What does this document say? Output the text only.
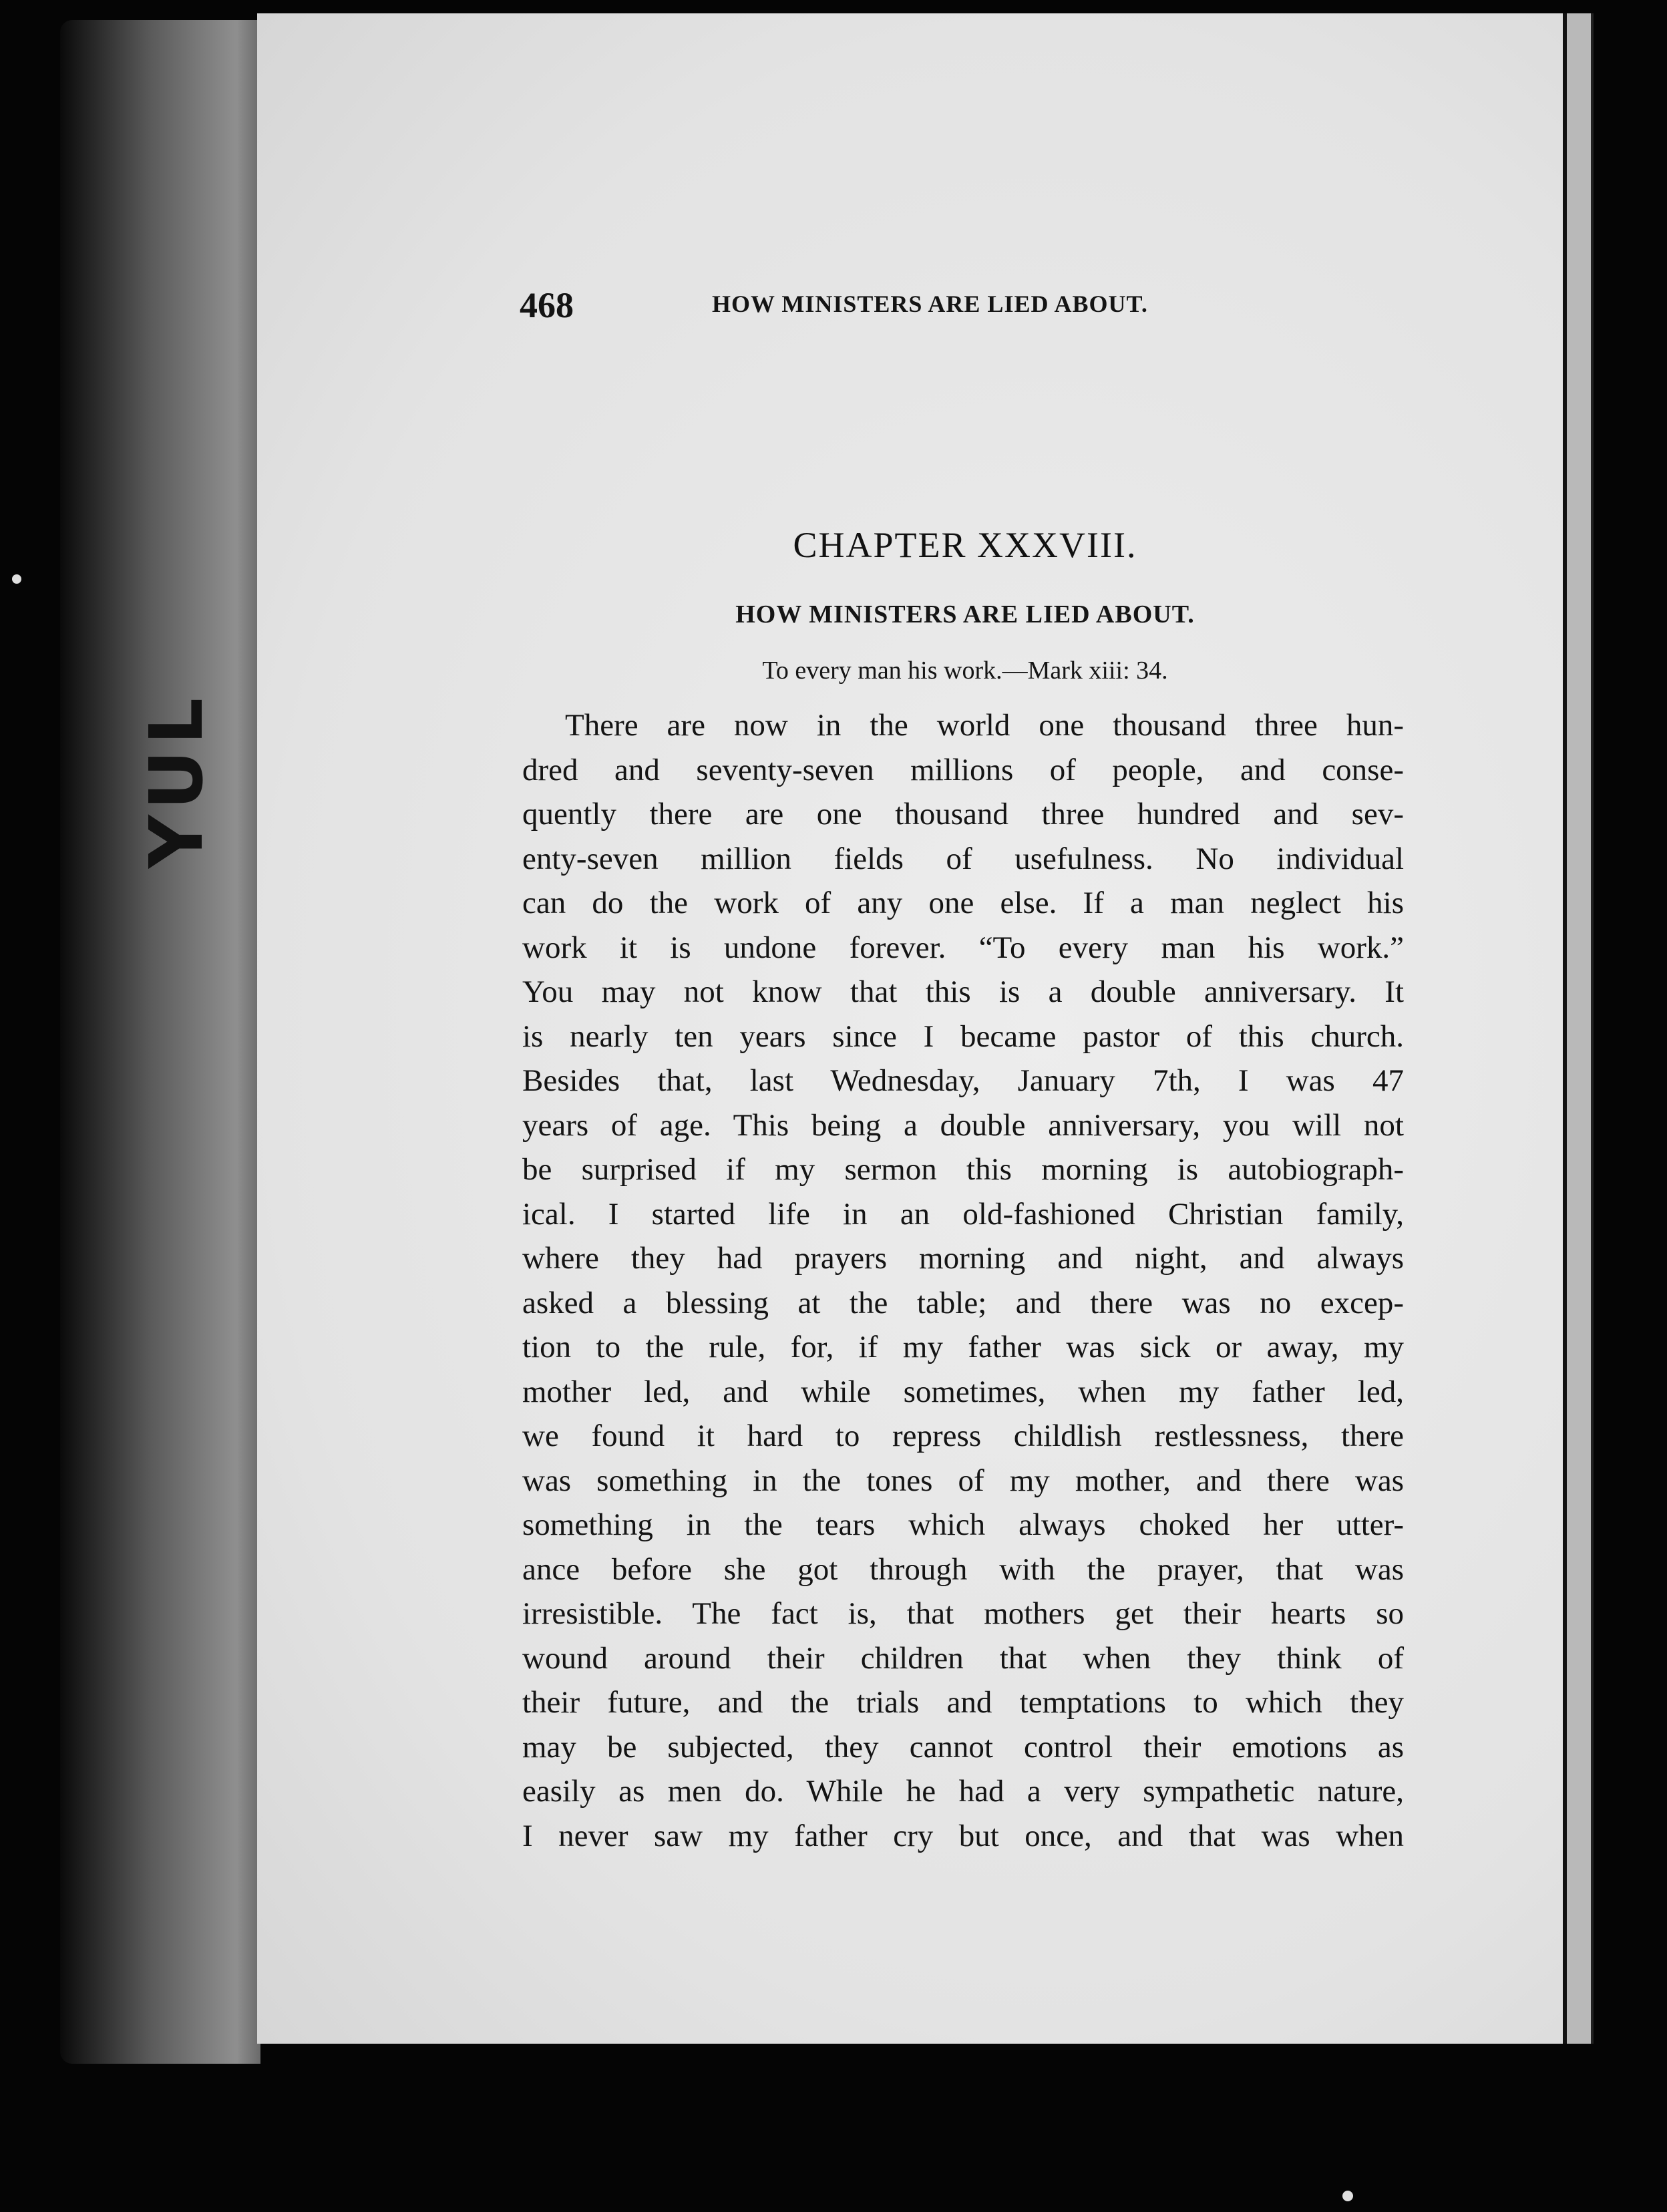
YUL
468	HOW MINISTERS ARE LIED ABOUT.
CHAPTER XXXVIII.
HOW MINISTERS ARE LIED ABOUT.
To every man his work.—Mark xiii: 34.
There are now in the world one thousand three hun-
dred and seventy-seven millions of people, and conse-
quently there are one thousand three hundred and sev-
enty-seven million fields of usefulness. No individual
can do the work of any one else. If a man neglect his
work it is undone forever. “To every man his work.”
You may not know that this is a double anniversary. It
is nearly ten years since I became pastor of this church.
Besides that, last Wednesday, January 7th, I was 47
years of age. This being a double anniversary, you will not
be surprised if my sermon this morning is autobiograph-
ical. I started life in an old-fashioned Christian family,
where they had prayers morning and night, and always
asked a blessing at the table; and there was no excep-
tion to the rule, for, if my father was sick or away, my
mother led, and while sometimes, when my father led,
we found it hard to repress childlish restlessness, there
was something in the tones of my mother, and there was
something in the tears which always choked her utter-
ance before she got through with the prayer, that was
irresistible. The fact is, that mothers get their hearts so
wound around their children that when they think of
their future, and the trials and temptations to which they
may be subjected, they cannot control their emotions as
easily as men do. While he had a very sympathetic nature,
I never saw my father cry but once, and that was when
